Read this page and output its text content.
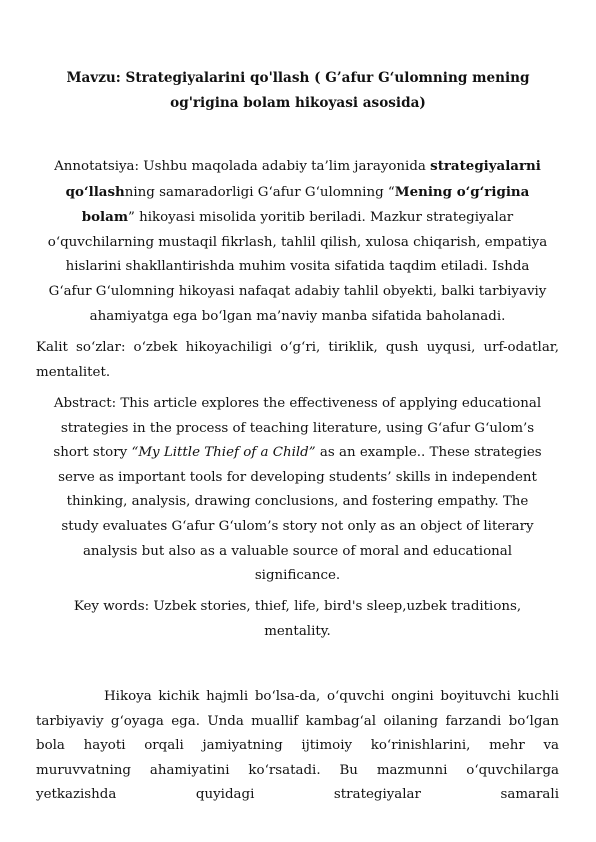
Mavzu: Strategiyalarini qo'llash ( G’afur G‘ulomning mening
og'rigina bolam hikoyasi asosida)
Annotatsiya: Ushbu maqolada adabiy ta’lim jarayonida strategiyalarni
qo‘llashning samaradorligi G‘afur G‘ulomning “Mening o‘g‘rigina
bolam” hikoyasi misolida yoritib beriladi. Mazkur strategiyalar
o‘quvchilarning mustaqil fikrlash, tahlil qilish, xulosa chiqarish, empatiya
hislarini shakllantirishda muhim vosita sifatida taqdim etiladi. Ishda
G‘afur G‘ulomning hikoyasi nafaqat adabiy tahlil obyekti, balki tarbiyaviy
ahamiyatga ega bo‘lgan ma’naviy manba sifatida baholanadi.
Kalit so‘zlar: o‘zbek hikoyachiligi o‘g‘ri, tiriklik, qush uyqusi, urf-odatlar,
mentalitet.
Abstract: This article explores the effectiveness of applying educational
strategies in the process of teaching literature, using G‘afur G‘ulom’s
short story “My Little Thief of a Child” as an example.. These strategies
serve as important tools for developing students’ skills in independent
thinking, analysis, drawing conclusions, and fostering empathy. The
study evaluates G‘afur G‘ulom’s story not only as an object of literary
analysis but also as a valuable source of moral and educational
significance.
Key words: Uzbek stories, thief, life, bird's sleep,uzbek traditions,
mentality.
Hikoya kichik hajmli bo‘lsa-da, o‘quvchi ongini boyituvchi kuchli
tarbiyaviy g‘oyaga ega. Unda muallif kambag‘al oilaning farzandi bo‘lgan
bola hayoti orqali jamiyatning ijtimoiy ko‘rinishlarini, mehr va
muruvvatning ahamiyatini ko‘rsatadi. Bu mazmunni o‘quvchilarga
yetkazishda quyidagi strategiyalar samarali
